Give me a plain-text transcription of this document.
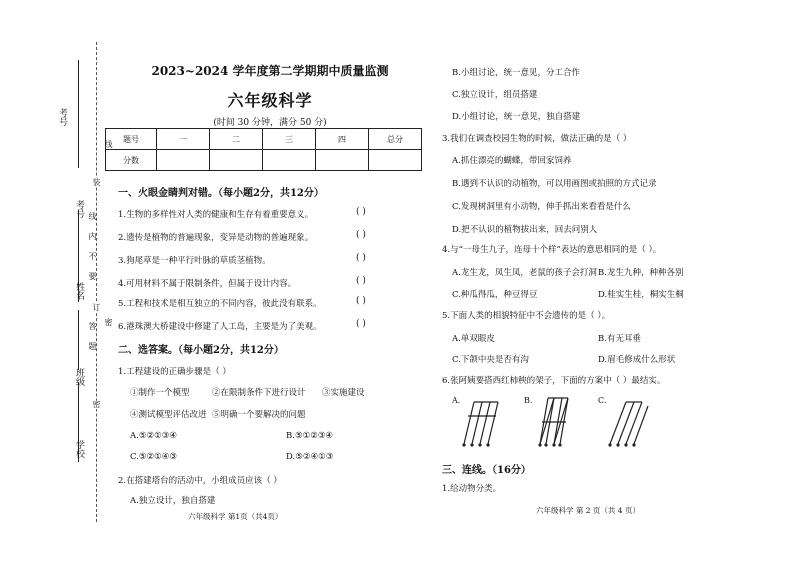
考号
考号
姓名
班级
学校
装
订
密
线
内
不
要
答
题
线
密
2023~2024 学年度第二学期期中质量监测
六年级科学
(时间 30 分钟，满分 50 分)
题号	一	二	三	四	总分
分数					
一、火眼金睛判对错。（每小题2分，共12分）
1.生物的多样性对人类的健康和生存有着重要意义。	( )
2.遗传是植物的普遍现象，变异是动物的普遍现象。	( )
3.狗尾草是一种平行叶脉的草质茎植物。	( )
4.可用材料不属于限制条件，但属于设计内容。	( )
5.工程和技术是相互独立的不同内容，彼此没有联系。	( )
6.港珠澳大桥建设中修建了人工岛，主要是为了美观。	( )
二、选答案。（每小题2分，共12分）
1.工程建设的正确步骤是（ ）
①制作一个模型	②在限制条件下进行设计 ③实施建设
④测试模型评估改进 ⑤明确一个要解决的问题
A.⑤②①③④	B.⑤①②③④
C.⑤②①④③	D.⑤②④①③
2.在搭建塔台的活动中，小组成员应该（ ）
A.独立设计，独自搭建
六年级科学 第1页（共4页）
B.小组讨论，统一意见，分工合作
C.独立设计，组员搭建
D.小组讨论，统一意见，独自搭建
3.我们在调查校园生物的时候，做法正确的是（ ）
A.抓住漂亮的蝴蝶，带回家饲养
B.遇到不认识的动植物，可以用画图或拍照的方式记录
C.发现树洞里有小动物，伸手抓出来看看是什么
D.把不认识的植物拔出来，回去问别人
4.与“一母生九子，连母十个样”表达的意思相同的是（ ）。
A.龙生龙，凤生凤，老鼠的孩子会打洞 B.龙生九种，种种各别
C.种瓜得瓜，种豆得豆	D.桂实生桂，桐实生桐
5.下面人类的相貌特征中不会遗传的是（ ）。
A.单双眼皮	B.有无耳垂
C.下颌中央是否有沟	D.眉毛修成什么形状
6.张阿姨要搭西红柿秧的架子，下面的方案中（ ）最结实。
A.	B.	C.
三、连线。（16分）
1.给动物分类。
六年级科学 第 2 页（共 4 页）
